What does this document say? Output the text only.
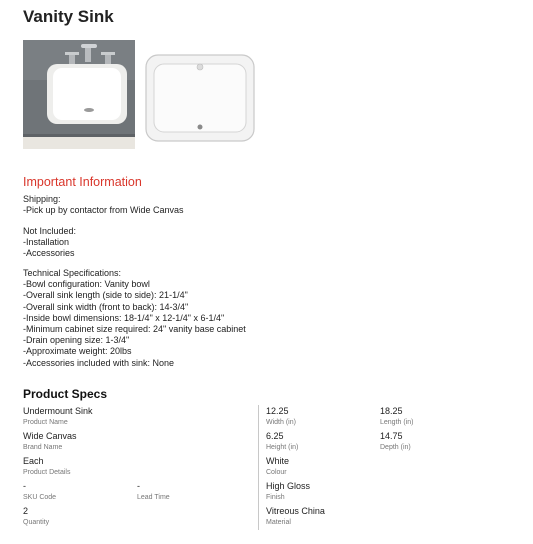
Vanity Sink
Important Information
Shipping:
-Pick up by contactor from Wide Canvas
Not Included:
-Installation
-Accessories
Technical Specifications:
-Bowl configuration: Vanity bowl
-Overall sink length (side to side): 21-1/4"
-Overall sink width (front to back): 14-3/4"
-Inside bowl dimensions: 18-1/4" x 12-1/4" x 6-1/4"
-Minimum cabinet size required: 24" vanity base cabinet
-Drain opening size: 1-3/4"
-Approximate weight: 20lbs
-Accessories included with sink: None
Product Specs
Undermount Sink
Product Name
Wide Canvas
Brand Name
Each
Product Details
-
SKU Code
-
Lead Time
2
Quantity
12.25
Width (in)
18.25
Length (in)
6.25
Height (in)
14.75
Depth (in)
White
Colour
High Gloss
Finish
Vitreous China
Material
